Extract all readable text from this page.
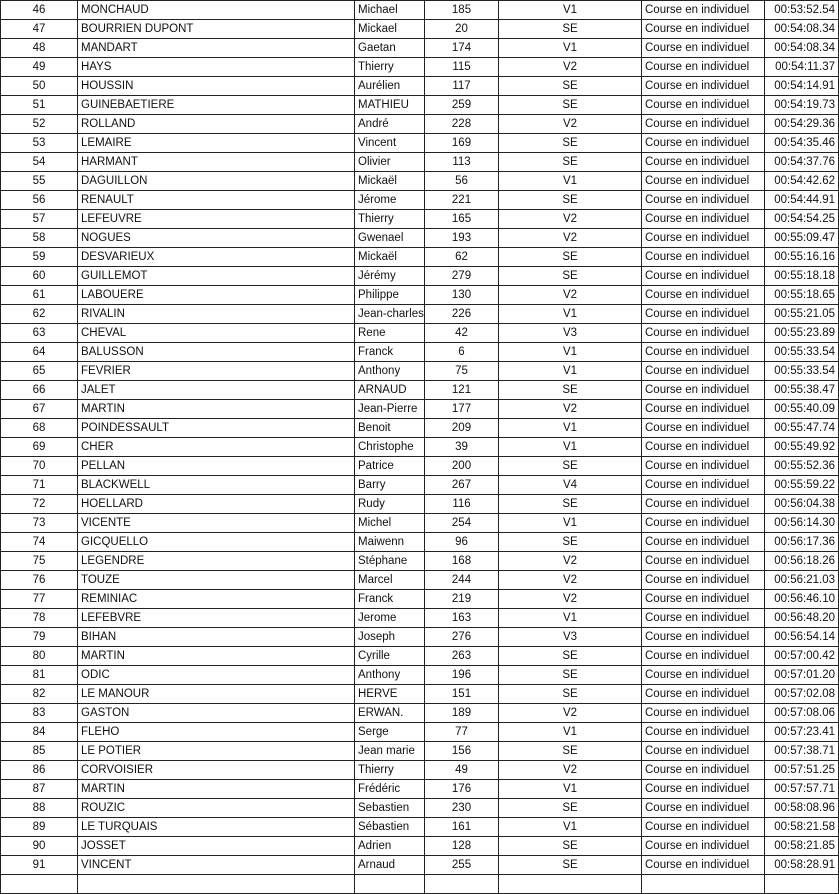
46	MONCHAUD	Michael	185	V1	Course en individuel	00:53:52.54
47	BOURRIEN DUPONT	Mickael	20	SE	Course en individuel	00:54:08.34
48	MANDART	Gaetan	174	V1	Course en individuel	00:54:08.34
49	HAYS	Thierry	115	V2	Course en individuel	00:54:11.37
50	HOUSSIN	Aurélien	117	SE	Course en individuel	00:54:14.91
51	GUINEBAETIERE	MATHIEU	259	SE	Course en individuel	00:54:19.73
52	ROLLAND	André	228	V2	Course en individuel	00:54:29.36
53	LEMAIRE	Vincent	169	SE	Course en individuel	00:54:35.46
54	HARMANT	Olivier	113	SE	Course en individuel	00:54:37.76
55	DAGUILLON	Mickaël	56	V1	Course en individuel	00:54:42.62
56	RENAULT	Jérome	221	SE	Course en individuel	00:54:44.91
57	LEFEUVRE	Thierry	165	V2	Course en individuel	00:54:54.25
58	NOGUES	Gwenael	193	V2	Course en individuel	00:55:09.47
59	DESVARIEUX	Mickaël	62	SE	Course en individuel	00:55:16.16
60	GUILLEMOT	Jérémy	279	SE	Course en individuel	00:55:18.18
61	LABOUERE	Philippe	130	V2	Course en individuel	00:55:18.65
62	RIVALIN	Jean-charles	226	V1	Course en individuel	00:55:21.05
63	CHEVAL	Rene	42	V3	Course en individuel	00:55:23.89
64	BALUSSON	Franck	6	V1	Course en individuel	00:55:33.54
65	FEVRIER	Anthony	75	V1	Course en individuel	00:55:33.54
66	JALET	ARNAUD	121	SE	Course en individuel	00:55:38.47
67	MARTIN	Jean-Pierre	177	V2	Course en individuel	00:55:40.09
68	POINDESSAULT	Benoit	209	V1	Course en individuel	00:55:47.74
69	CHER	Christophe	39	V1	Course en individuel	00:55:49.92
70	PELLAN	Patrice	200	SE	Course en individuel	00:55:52.36
71	BLACKWELL	Barry	267	V4	Course en individuel	00:55:59.22
72	HOELLARD	Rudy	116	SE	Course en individuel	00:56:04.38
73	VICENTE	Michel	254	V1	Course en individuel	00:56:14.30
74	GICQUELLO	Maiwenn	96	SE	Course en individuel	00:56:17.36
75	LEGENDRE	Stéphane	168	V2	Course en individuel	00:56:18.26
76	TOUZE	Marcel	244	V2	Course en individuel	00:56:21.03
77	REMINIAC	Franck	219	V2	Course en individuel	00:56:46.10
78	LEFEBVRE	Jerome	163	V1	Course en individuel	00:56:48.20
79	BIHAN	Joseph	276	V3	Course en individuel	00:56:54.14
80	MARTIN	Cyrille	263	SE	Course en individuel	00:57:00.42
81	ODIC	Anthony	196	SE	Course en individuel	00:57:01.20
82	LE MANOUR	HERVE	151	SE	Course en individuel	00:57:02.08
83	GASTON	ERWAN.	189	V2	Course en individuel	00:57:08.06
84	FLEHO	Serge	77	V1	Course en individuel	00:57:23.41
85	LE POTIER	Jean marie	156	SE	Course en individuel	00:57:38.71
86	CORVOISIER	Thierry	49	V2	Course en individuel	00:57:51.25
87	MARTIN	Frédéric	176	V1	Course en individuel	00:57:57.71
88	ROUZIC	Sebastien	230	SE	Course en individuel	00:58:08.96
89	LE TURQUAIS	Sébastien	161	V1	Course en individuel	00:58:21.58
90	JOSSET	Adrien	128	SE	Course en individuel	00:58:21.85
91	VINCENT	Arnaud	255	SE	Course en individuel	00:58:28.91
